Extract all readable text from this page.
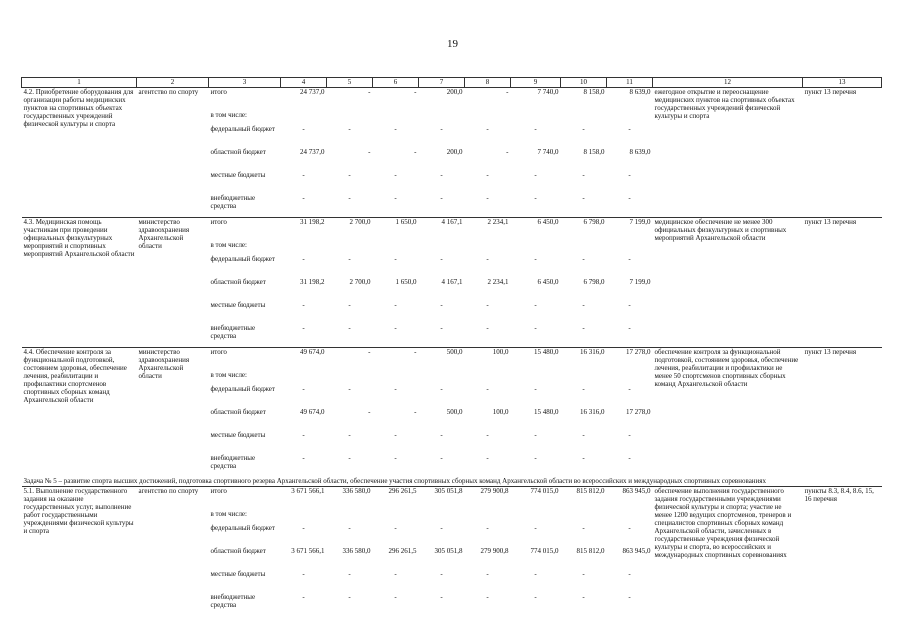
19
1	2	3	4	5	6	7	8	9	10	11	12	13
4.2. Приобретение оборудования для организации работы медицинских пунктов на спортивных объектах государственных учреждений физической культуры и спорта	агентство по спорту	итого	24 737,0	-	-	200,0	-	7 740,0	8 158,0	8 639,0	ежегодное открытие и переоснащение медицинских пунктов на спортивных объектах государственных учреждений физической культуры и спорта	пункт 13 перечня
		в том числе:										
		федеральный бюджет	-	-	-	-	-	-	-	-		
		областной бюджет	24 737,0	-	-	200,0	-	7 740,0	8 158,0	8 639,0		
		местные бюджеты	-	-	-	-	-	-	-	-		
		внебюджетные средства	-	-	-	-	-	-	-	-		
4.3. Медицинская помощь участникам при проведении официальных физкультурных мероприятий и спортивных мероприятий Архангельской области	министерство здравоохранения Архангельской области	итого	31 198,2	2 700,0	1 650,0	4 167,1	2 234,1	6 450,0	6 798,0	7 199,0	медицинское обеспечение не менее 300 официальных физкультурных и спортивных мероприятий Архангельской области	пункт 13 перечня
		в том числе:										
		федеральный бюджет	-	-	-	-	-	-	-	-		
		областной бюджет	31 198,2	2 700,0	1 650,0	4 167,1	2 234,1	6 450,0	6 798,0	7 199,0		
		местные бюджеты	-	-	-	-	-	-	-	-		
		внебюджетные средства	-	-	-	-	-	-	-	-		
4.4. Обеспечение контроля за функциональной подготовкой, состоянием здоровья, обеспечение лечения, реабилитации и профилактики спортсменов спортивных сборных команд Архангельской области	министерство здравоохранения Архангельской области	итого	49 674,0	-	-	500,0	100,0	15 480,0	16 316,0	17 278,0	обеспечение контроля за функциональной подготовкой, состоянием здоровья, обеспечение лечения, реабилитации и профилактики не менее 50 спортсменов спортивных сборных команд Архангельской области	пункт 13 перечня
		в том числе:										
		федеральный бюджет	-	-	-	-	-	-	-	-		
		областной бюджет	49 674,0	-	-	500,0	100,0	15 480,0	16 316,0	17 278,0		
		местные бюджеты	-	-	-	-	-	-	-	-		
		внебюджетные средства	-	-	-	-	-	-	-	-		
Задача № 5 – развитие спорта высших достижений, подготовка спортивного резерва Архангельской области, обеспечение участия спортивных сборных команд Архангельской области во всероссийских и международных спортивных соревнованиях												
5.1. Выполнение государственного задания на оказание государственных услуг, выполнение работ государственными учреждениями физической культуры и спорта	агентство по спорту	итого	3 671 566,1	336 580,0	296 261,5	305 051,8	279 900,8	774 015,0	815 812,0	863 945,0	обеспечение выполнения государственного задания государственными учреждениями физической культуры и спорта; участие не менее 1200 ведущих спортсменов, тренеров и специалистов спортивных сборных команд Архангельской области, зачисленных в государственные учреждения физической культуры и спорта, во всероссийских и международных спортивных соревнованиях	пункты 8.3, 8.4, 8.6, 15, 16 перечня
		в том числе:										
		федеральный бюджет	-	-	-	-	-	-	-	-		
		областной бюджет	3 671 566,1	336 580,0	296 261,5	305 051,8	279 900,8	774 015,0	815 812,0	863 945,0		
		местные бюджеты	-	-	-	-	-	-	-	-		
		внебюджетные средства	-	-	-	-	-	-	-	-		
